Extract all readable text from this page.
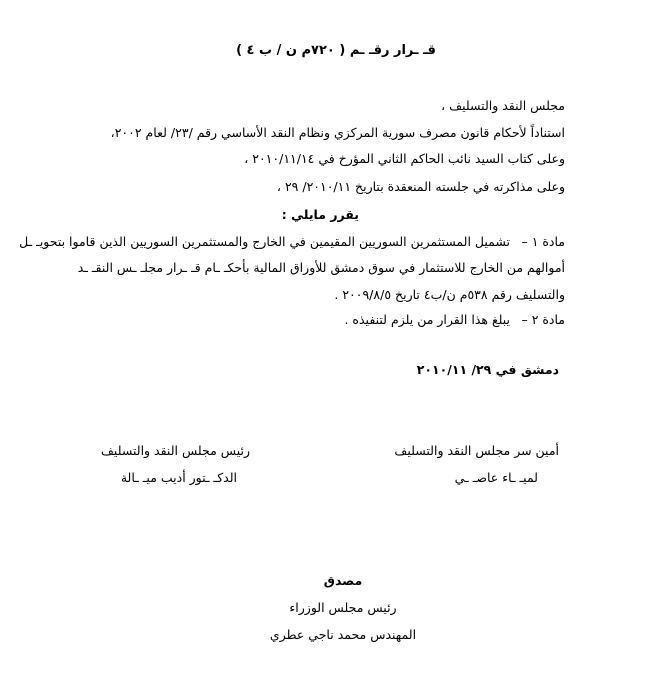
قـ ـرار رقـ ـم ( ٧٢٠م ن / ب ٤ )
مجلس النقد والتسليف ،
استناداً لأحكام قانون مصرف سورية المركزي ونظام النقد الأساسي رقم /٢٣/ لعام ٢٠٠٢،
وعلى كتاب السيد نائب الحاكم الثاني المؤرخ في ٢٠١٠/١١/١٤ ،
وعلى مذاكرته في جلسته المنعقدة بتاريخ ٢٠١٠/١١/ ٢٩ ،
يقرر مايلي :
مادة ١ –
تشميل المستثمرين السوريين المقيمين في الخارج والمستثمرين السوريين الذين قاموا بتحويـ ـل
أموالهم من الخارج للاستثمار في سوق دمشق للأوراق المالية بأحكـ ـام قـ ـرار مجلـ ـس النقـ ـد
والتسليف رقم ٥٣٨م ن/ب٤ تاريخ ٢٠٠٩/٨/٥ .
مادة ٢ –
يبلغ هذا القرار من يلزم لتنفيذه .
دمشق في ٢٩/ ٢٠١٠/١١
أمين سر مجلس النقد والتسليف
لميـ ـاء عاصـ ـي
رئيس مجلس النقد والتسليف
الدكـ ـتور أديب ميـ ـالة
مصدق
رئيس مجلس الوزراء
المهندس محمد ناجي عطري
